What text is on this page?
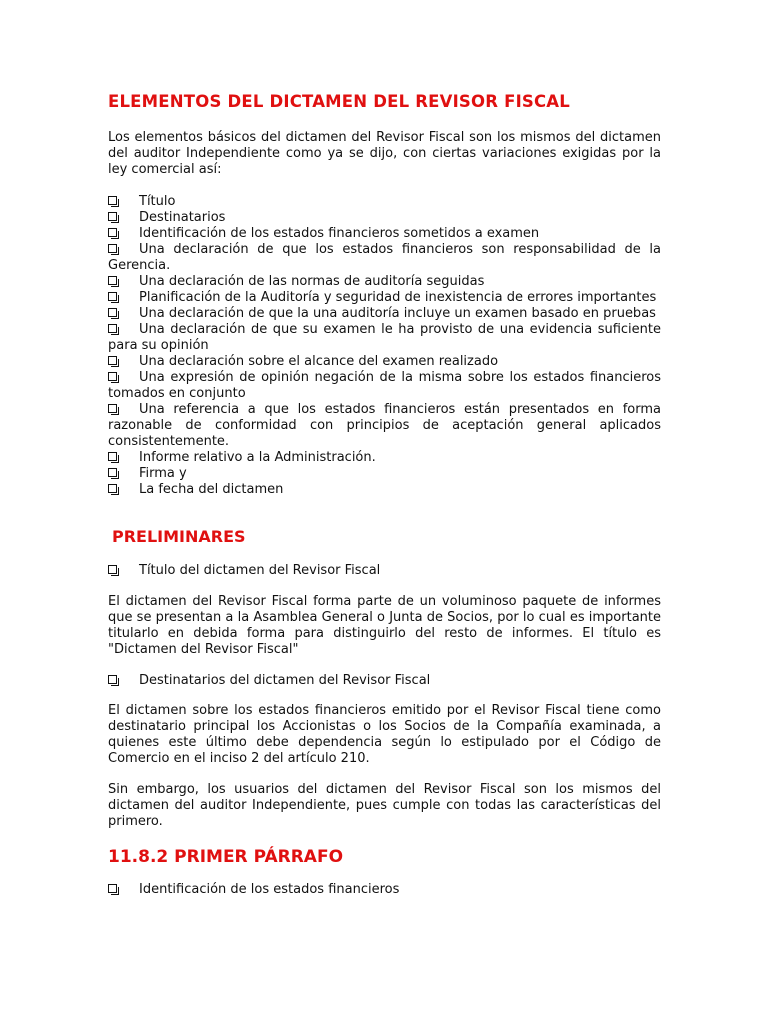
ELEMENTOS DEL DICTAMEN DEL REVISOR FISCAL
Los elementos básicos del dictamen del Revisor Fiscal son los mismos del dictamen del auditor Independiente como ya se dijo, con ciertas variaciones exigidas por la ley comercial así:
Título
Destinatarios
Identificación de los estados financieros sometidos a examen
Una declaración de que los estados financieros son responsabilidad de la Gerencia.
Una declaración de las normas de auditoría seguidas
Planificación de la Auditoría y seguridad de inexistencia de errores importantes
Una declaración de que la una auditoría incluye un examen basado en pruebas
Una declaración de que su examen le ha provisto de una evidencia suficiente para su opinión
Una declaración sobre el alcance del examen realizado
Una expresión de opinión negación de la misma sobre los estados financieros tomados en conjunto
Una referencia a que los estados financieros están presentados en forma razonable de conformidad con principios de aceptación general aplicados consistentemente.
Informe relativo a la Administración.
Firma y
La fecha del dictamen
PRELIMINARES
Título del dictamen del Revisor Fiscal
El dictamen del Revisor Fiscal forma parte de un voluminoso paquete de informes que se presentan a la Asamblea General o Junta de Socios, por lo cual es importante titularlo en debida forma para distinguirlo del resto de informes. El título es "Dictamen del Revisor Fiscal"
Destinatarios del dictamen del Revisor Fiscal
El dictamen sobre los estados financieros emitido por el Revisor Fiscal tiene como destinatario principal los Accionistas o los Socios de la Compañía examinada, a quienes este último debe dependencia según lo estipulado por el Código de Comercio en el inciso 2 del artículo 210.
Sin embargo, los usuarios del dictamen del Revisor Fiscal son los mismos del dictamen del auditor Independiente, pues cumple con todas las características del primero.
11.8.2 PRIMER PÁRRAFO
Identificación de los estados financieros
